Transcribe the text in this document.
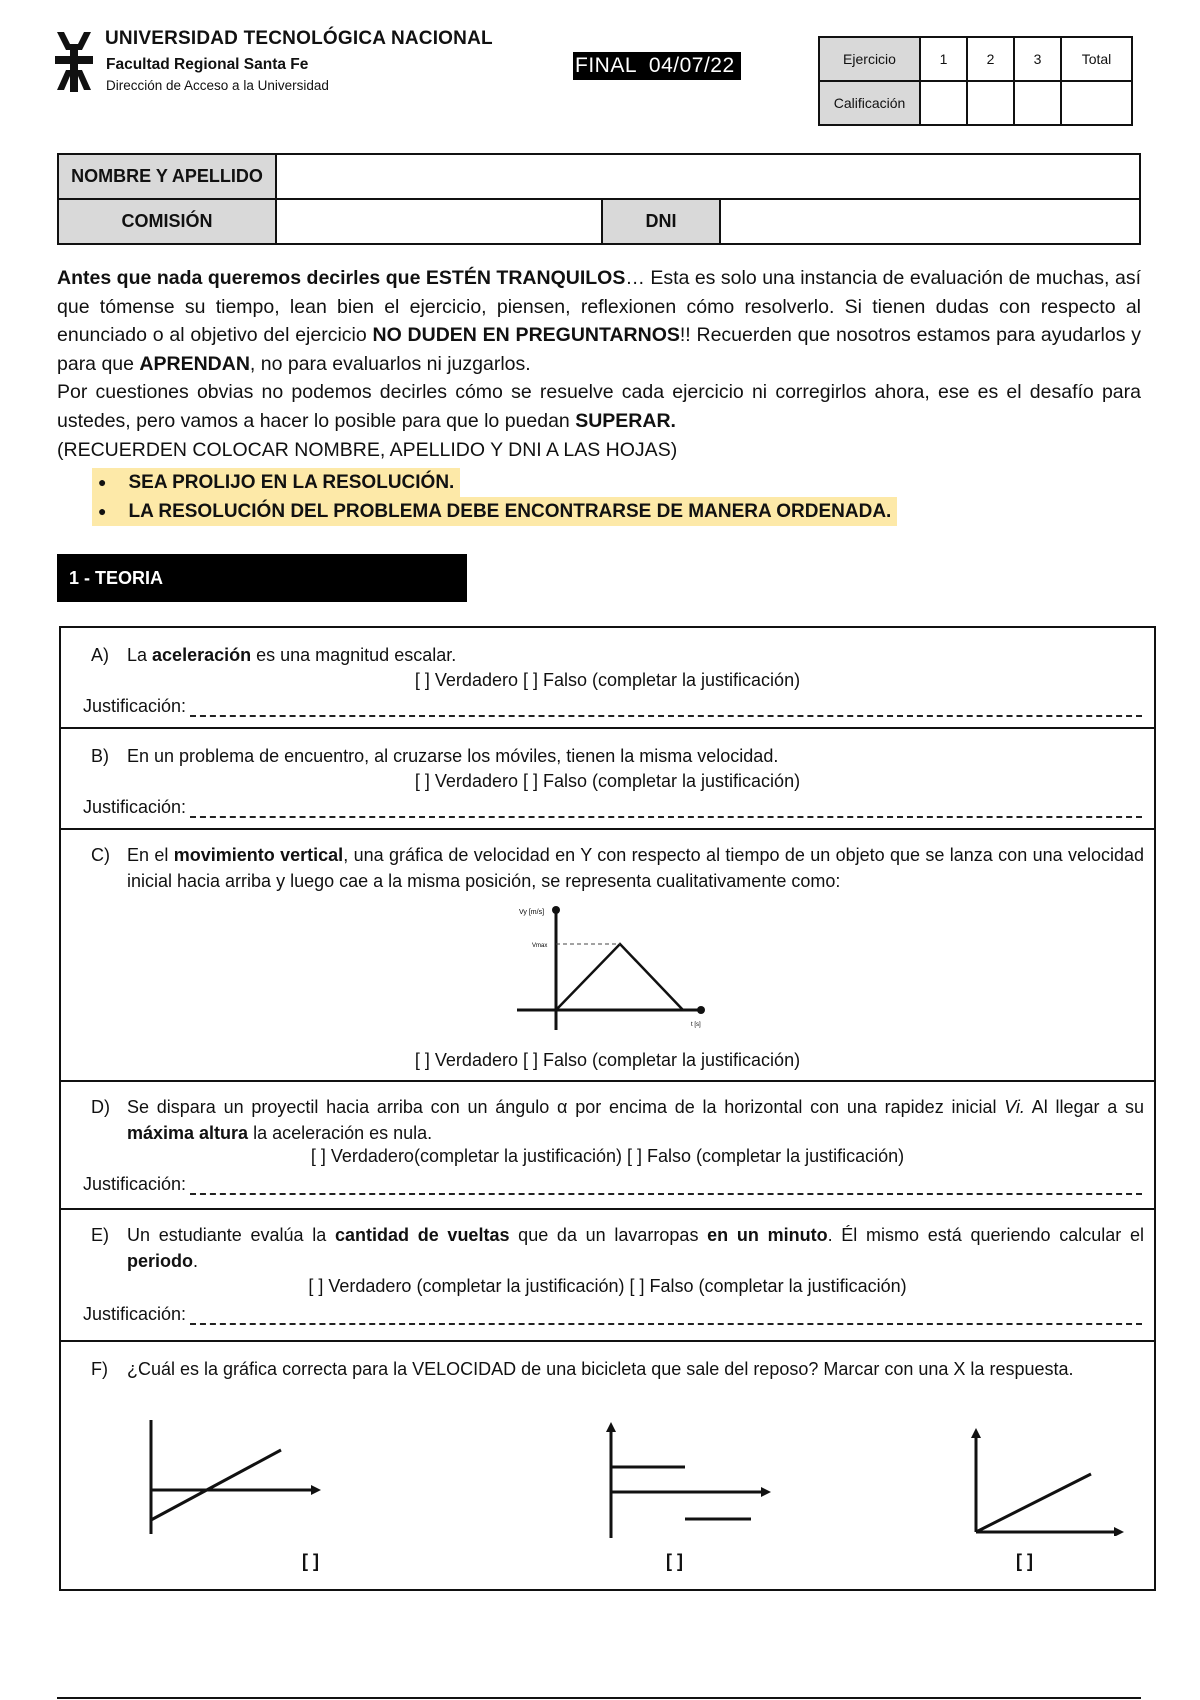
UNIVERSIDAD TECNOLÓGICA NACIONAL
Facultad Regional Santa Fe
Dirección de Acceso a la Universidad
FINAL  04/07/22	Ejercicio	1	2	3	Total
Calificación				
NOMBRE Y APELLIDO
COMISIÓN	DNI

Antes que nada queremos decirles que ESTÉN TRANQUILOS… Esta es solo una instancia de evaluación de muchas, así que tómense su tiempo, lean bien el ejercicio, piensen, reflexionen cómo resolverlo. Si tienen dudas con respecto al enunciado o al objetivo del ejercicio NO DUDEN EN PREGUNTARNOS!! Recuerden que nosotros estamos para ayudarlos y para que APRENDAN, no para evaluarlos ni juzgarlos.

Por cuestiones obvias no podemos decirles cómo se resuelve cada ejercicio ni corregirlos ahora, ese es el desafío para ustedes, pero vamos a hacer lo posible para que lo puedan SUPERAR.

(RECUERDEN COLOCAR NOMBRE, APELLIDO Y DNI A LAS HOJAS)

● SEA PROLIJO EN LA RESOLUCIÓN.
● LA RESOLUCIÓN DEL PROBLEMA DEBE ENCONTRARSE DE MANERA ORDENADA.
1 - TEORIA
A) La aceleración es una magnitud escalar.
[ ] Verdadero [ ] Falso (completar la justificación)
Justificación:
B) En un problema de encuentro, al cruzarse los móviles, tienen la misma velocidad.
[ ] Verdadero [ ] Falso (completar la justificación)
Justificación:
C) En el movimiento vertical, una gráfica de velocidad en Y con respecto al tiempo de un objeto que se lanza con una velocidad inicial hacia arriba y luego cae a la misma posición, se representa cualitativamente como:
Vy [m/s]
Vmax
t [s]
[ ] Verdadero [ ] Falso (completar la justificación)
D) Se dispara un proyectil hacia arriba con un ángulo α por encima de la horizontal con una rapidez inicial Vi. Al llegar a su máxima altura la aceleración es nula.
[ ] Verdadero(completar la justificación) [ ] Falso (completar la justificación)
Justificación:
E) Un estudiante evalúa la cantidad de vueltas que da un lavarropas en un minuto. Él mismo está queriendo calcular el periodo.
[ ] Verdadero (completar la justificación) [ ] Falso (completar la justificación)
Justificación:
F) ¿Cuál es la gráfica correcta para la VELOCIDAD de una bicicleta que sale del reposo? Marcar con una X la respuesta.
[ ]	[ ]	[ ]
